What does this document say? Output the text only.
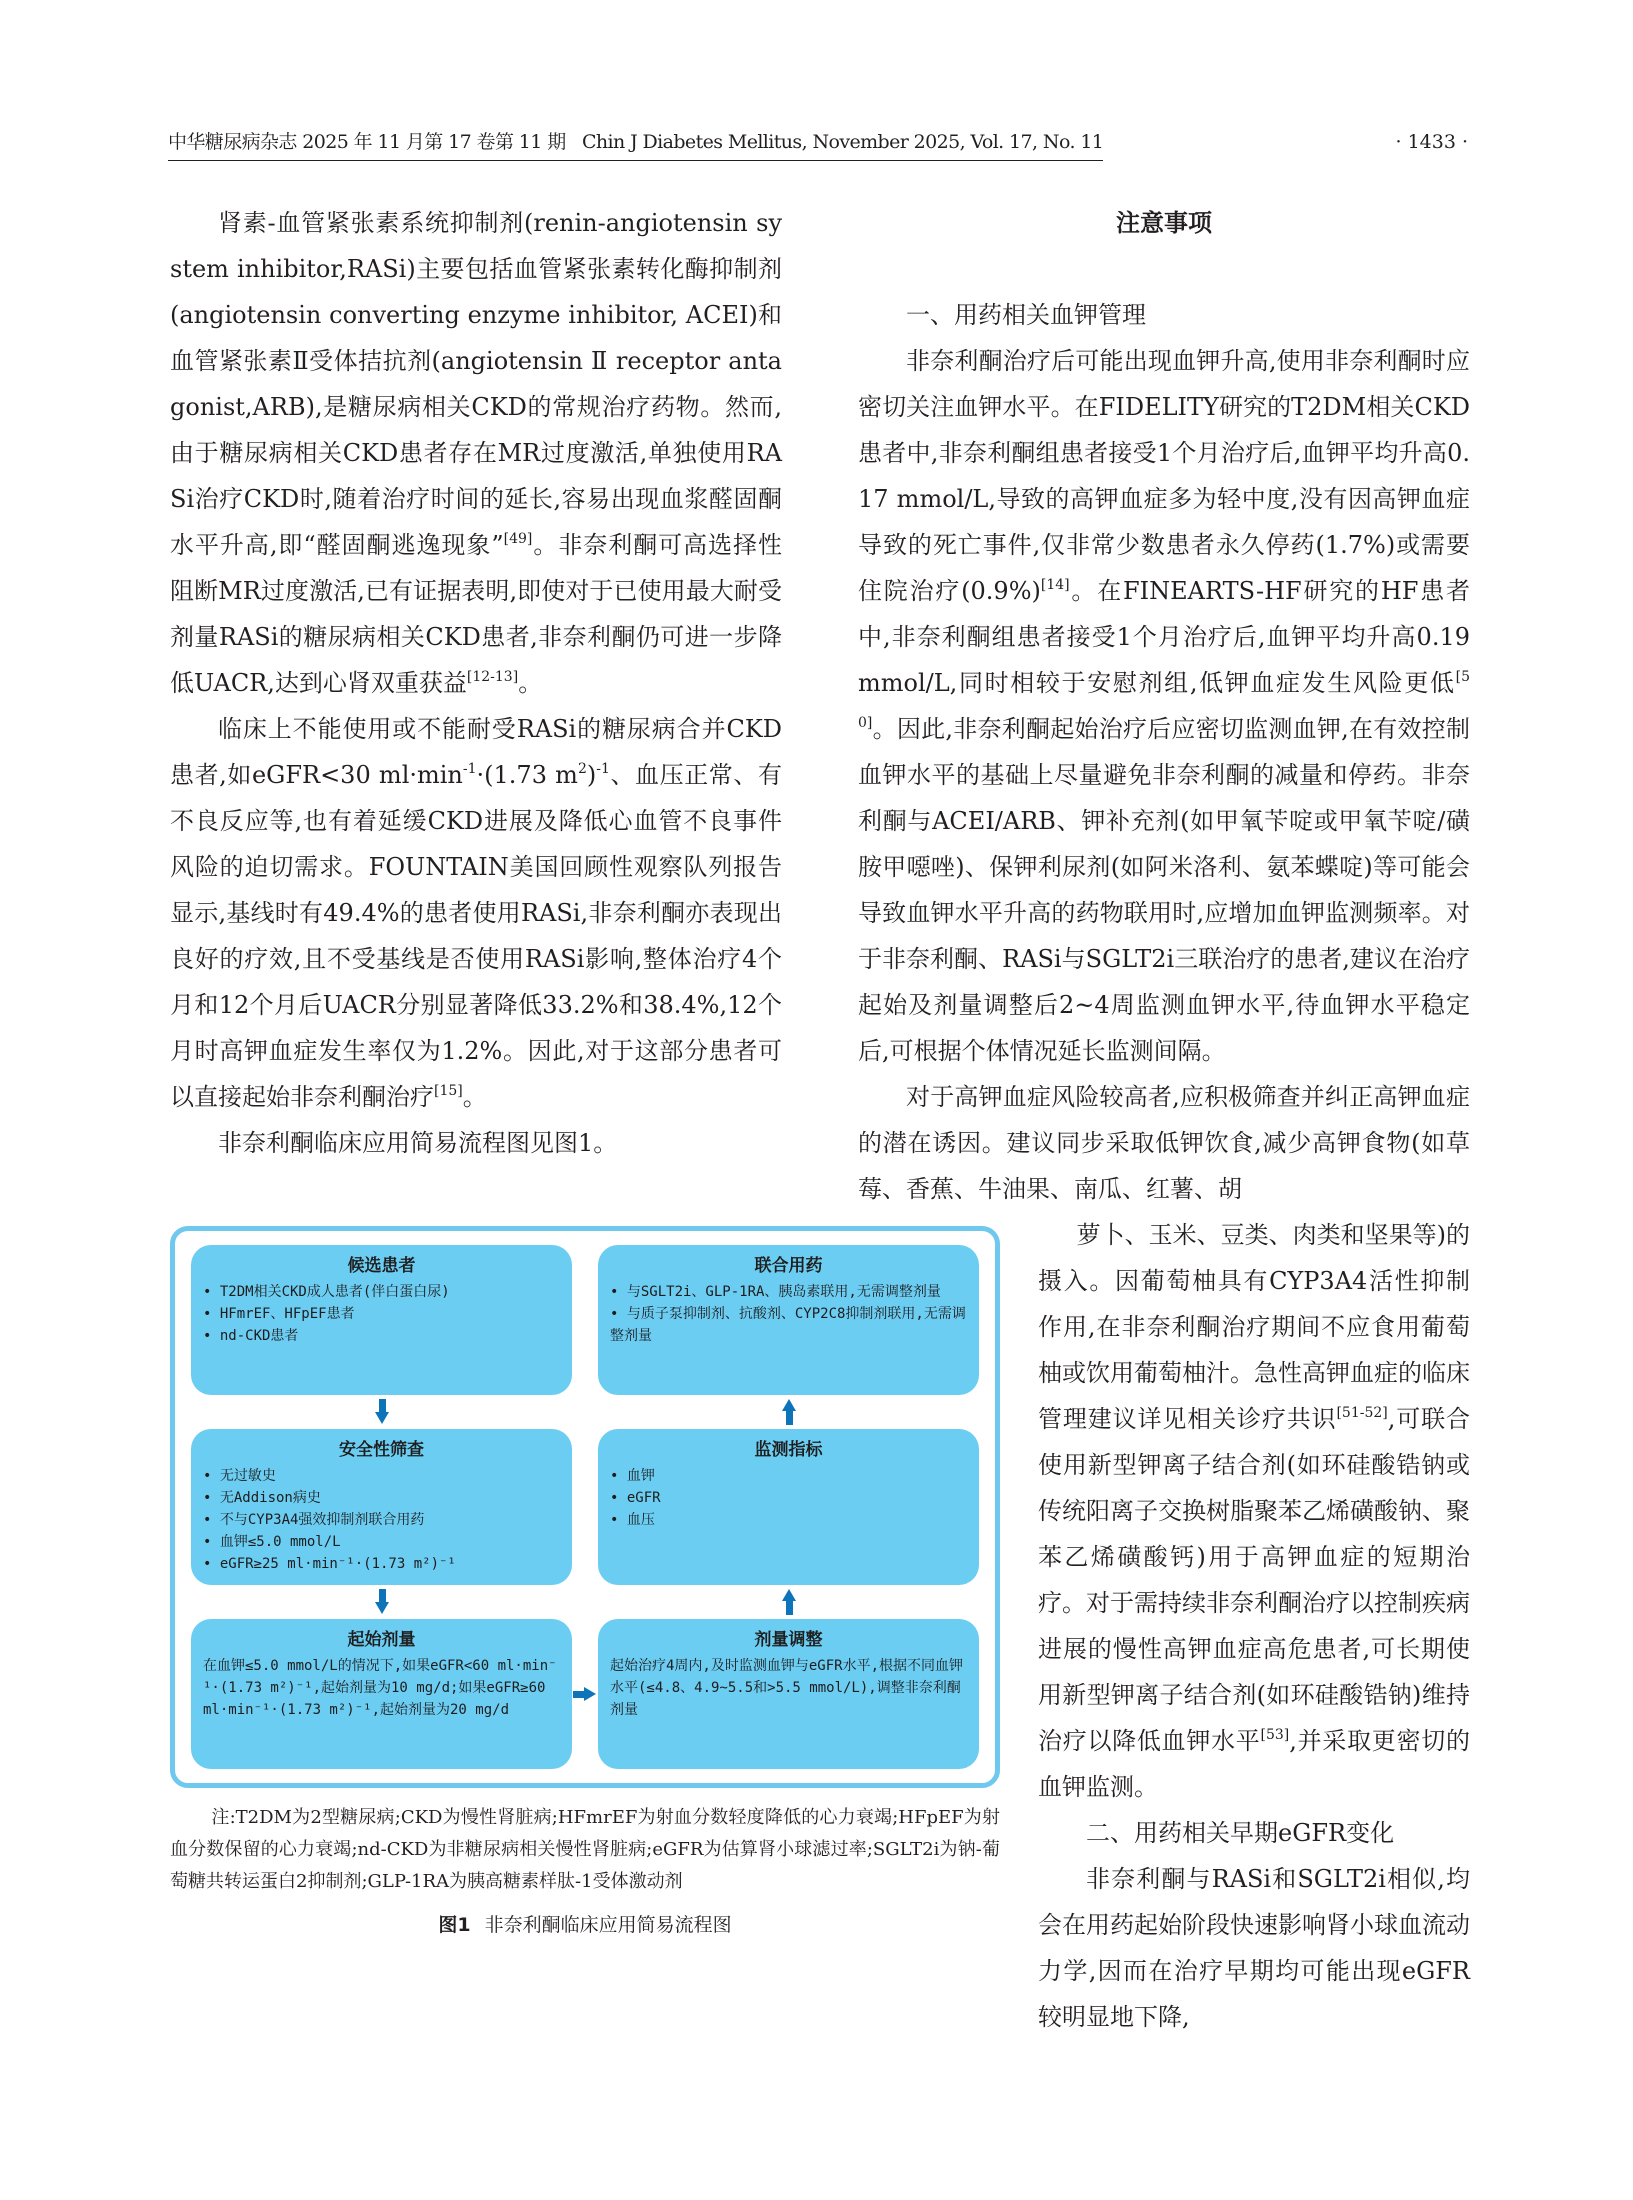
中华糖尿病杂志 2025 年 11 月第 17 卷第 11 期 Chin J Diabetes Mellitus, November 2025, Vol. 17, No. 11	· 1433 ·

肾素-血管紧张素系统抑制剂(renin-angiotensin system inhibitor,RASi)主要包括血管紧张素转化酶抑制剂(angiotensin converting enzyme inhibitor, ACEI)和血管紧张素Ⅱ受体拮抗剂(angiotensin Ⅱ receptor antagonist,ARB),是糖尿病相关CKD的常规治疗药物。然而,由于糖尿病相关CKD患者存在MR过度激活,单独使用RASi治疗CKD时,随着治疗时间的延长,容易出现血浆醛固酮水平升高,即“醛固酮逃逸现象”[49]。非奈利酮可高选择性阻断MR过度激活,已有证据表明,即使对于已使用最大耐受剂量RASi的糖尿病相关CKD患者,非奈利酮仍可进一步降低UACR,达到心肾双重获益[12-13]。

临床上不能使用或不能耐受RASi的糖尿病合并CKD患者,如eGFR<30 $ml\cdot\min^{-1}\cdot(1.73$ $m^2)^{-1}$、血压正常、有不良反应等,也有着延缓CKD进展及降低心血管不良事件风险的迫切需求。FOUNTAIN美国回顾性观察队列报告显示,基线时有49.4%的患者使用RASi,非奈利酮亦表现出良好的疗效,且不受基线是否使用RASi影响,整体治疗4个月和12个月后UACR分别显著降低33.2%和38.4%,12个月时高钾血症发生率仅为1.2%。因此,对于这部分患者可以直接起始非奈利酮治疗[15]。

非奈利酮临床应用简易流程图见图1。

注意事项

一、用药相关血钾管理

非奈利酮治疗后可能出现血钾升高,使用非奈利酮时应密切关注血钾水平。在FIDELITY研究的T2DM相关CKD患者中,非奈利酮组患者接受1个月治疗后,血钾平均升高0.17 mmol/L,导致的高钾血症多为轻中度,没有因高钾血症导致的死亡事件,仅非常少数患者永久停药(1.7%)或需要住院治疗(0.9%)[14]。在FINEARTS-HF研究的HF患者中,非奈利酮组患者接受1个月治疗后,血钾平均升高0.19 mmol/L,同时相较于安慰剂组,低钾血症发生风险更低[50]。因此,非奈利酮起始治疗后应密切监测血钾,在有效控制血钾水平的基础上尽量避免非奈利酮的减量和停药。非奈利酮与ACEI/ARB、钾补充剂(如甲氧苄啶或甲氧苄啶/磺胺甲噁唑)、保钾利尿剂(如阿米洛利、氨苯蝶啶)等可能会导致血钾水平升高的药物联用时,应增加血钾监测频率。对于非奈利酮、RASi与SGLT2i三联治疗的患者,建议在治疗起始及剂量调整后2~4周监测血钾水平,待血钾水平稳定后,可根据个体情况延长监测间隔。

对于高钾血症风险较高者,应积极筛查并纠正高钾血症的潜在诱因。建议同步采取低钾饮食,减少高钾食物(如草莓、香蕉、牛油果、南瓜、红薯、胡

候选患者
• T2DM相关CKD成人患者(伴白蛋白尿)
• HFmrEF、HFpEF患者
• nd-CKD患者
联合用药
• 与SGLT2i、GLP-1RA、胰岛素联用,无需调整剂量
• 与质子泵抑制剂、抗酸剂、CYP2C8抑制剂联用,无需调整剂量
安全性筛查
• 无过敏史
• 无Addison病史
• 不与CYP3A4强效抑制剂联合用药
• 血钾≤5.0 mmol/L
• eGFR≥25 ml·min⁻¹·(1.73 m²)⁻¹
监测指标
• 血钾
• eGFR
• 血压
起始剂量

在血钾≤5.0 mmol/L的情况下,如果eGFR<60 ml·min⁻¹·(1.73 m²)⁻¹,起始剂量为10 mg/d;如果eGFR≥60 ml·min⁻¹·(1.73 m²)⁻¹,起始剂量为20 mg/d

剂量调整

起始治疗4周内,及时监测血钾与eGFR水平,根据不同血钾水平(≤4.8、4.9~5.5和>5.5 mmol/L),调整非奈利酮剂量

注:T2DM为2型糖尿病;CKD为慢性肾脏病;HFmrEF为射血分数轻度降低的心力衰竭;HFpEF为射血分数保留的心力衰竭;nd-CKD为非糖尿病相关慢性肾脏病;eGFR为估算肾小球滤过率;SGLT2i为钠-葡萄糖共转运蛋白2抑制剂;GLP-1RA为胰高糖素样肽-1受体激动剂

图1 非奈利酮临床应用简易流程图

萝卜、玉米、豆类、肉类和坚果等)的

摄入。因葡萄柚具有CYP3A4活性抑制作用,在非奈利酮治疗期间不应食用葡萄柚或饮用葡萄柚汁。急性高钾血症的临床管理建议详见相关诊疗共识[51-52],可联合使用新型钾离子结合剂(如环硅酸锆钠或传统阳离子交换树脂聚苯乙烯磺酸钠、聚苯乙烯磺酸钙)用于高钾血症的短期治疗。对于需持续非奈利酮治疗以控制疾病进展的慢性高钾血症高危患者,可长期使用新型钾离子结合剂(如环硅酸锆钠)维持治疗以降低血钾水平[53],并采取更密切的血钾监测。

二、用药相关早期eGFR变化

非奈利酮与RASi和SGLT2i相似,均会在用药起始阶段快速影响肾小球血流动力学,因而在治疗早期均可能出现eGFR较明显地下降,
